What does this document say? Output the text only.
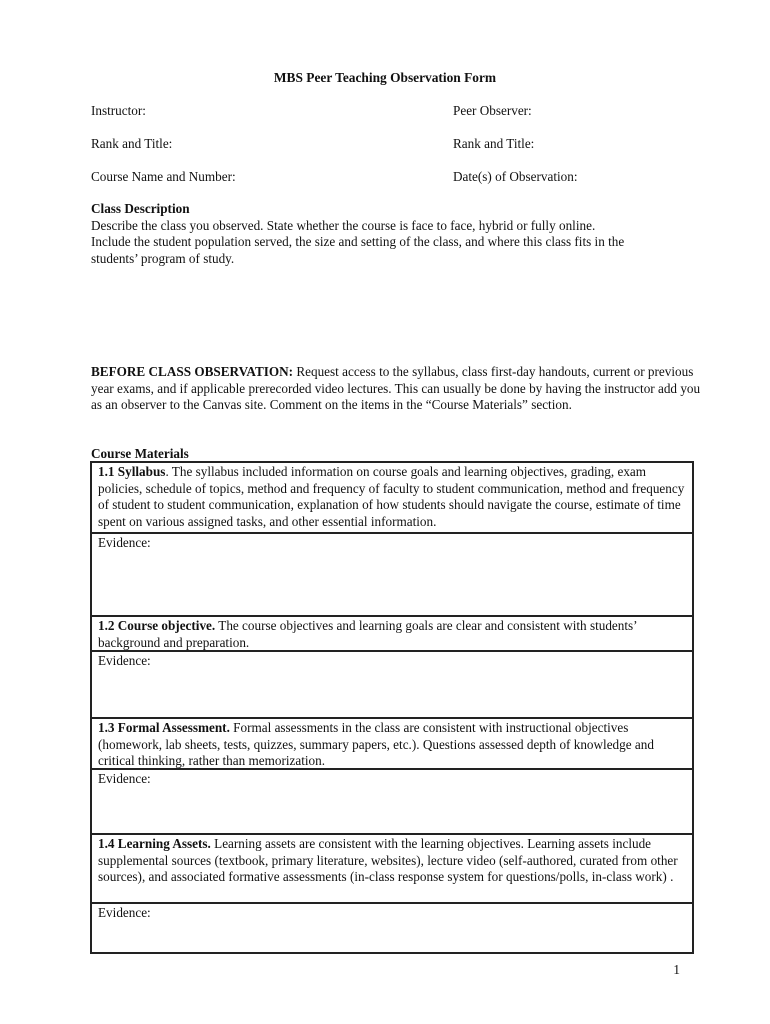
MBS Peer Teaching Observation Form
Instructor:	Peer Observer:
Rank and Title:	Rank and Title:
Course Name and Number:	Date(s) of Observation:
Class Description
Describe the class you observed. State whether the course is face to face, hybrid or fully online.
Include the student population served, the size and setting of the class, and where this class fits in the
students’ program of study.
BEFORE CLASS OBSERVATION: Request access to the syllabus, class first-day handouts, current or previous year exams, and if applicable prerecorded video lectures. This can usually be done by having the instructor add you as an observer to the Canvas site. Comment on the items in the “Course Materials” section.
Course Materials
1.1 Syllabus. The syllabus included information on course goals and learning objectives, grading, exam policies, schedule of topics, method and frequency of faculty to student communication, method and frequency of student to student communication, explanation of how students should navigate the course, estimate of time spent on various assigned tasks, and other essential information.
Evidence:
1.2 Course objective. The course objectives and learning goals are clear and consistent with students’ background and preparation.
Evidence:
1.3 Formal Assessment. Formal assessments in the class are consistent with instructional objectives (homework, lab sheets, tests, quizzes, summary papers, etc.). Questions assessed depth of knowledge and critical thinking, rather than memorization.
Evidence:
1.4 Learning Assets. Learning assets are consistent with the learning objectives. Learning assets include supplemental sources (textbook, primary literature, websites), lecture video (self-authored, curated from other sources), and associated formative assessments (in-class response system for questions/polls, in-class work) .
Evidence:
1
